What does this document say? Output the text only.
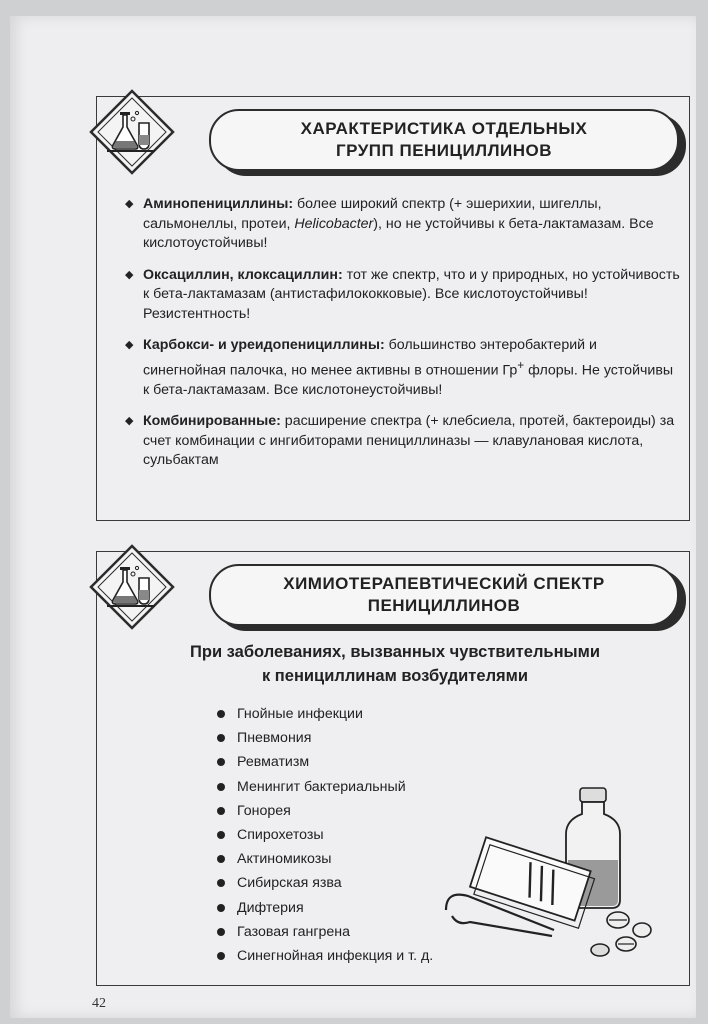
ХАРАКТЕРИСТИКА ОТДЕЛЬНЫХ
ГРУПП ПЕНИЦИЛЛИНОВ
◆ Аминопенициллины: более широкий спектр (+ эшерихии, шигеллы, сальмонеллы, протеи, Helicobacter), но не устойчивы к бета-лактамазам. Все кислотоустойчивы!
◆ Оксациллин, клоксациллин: тот же спектр, что и у природных, но устойчивость к бета-лактамазам (антистафилококковые). Все кислотоустойчивы! Резистентность!
◆ Карбокси- и уреидопенициллины: большинство энтеробактерий и синегнойная палочка, но менее активны в отношении Гр+ флоры. Не устойчивы к бета-лактамазам. Все кислотонеустойчивы!
◆ Комбинированные: расширение спектра (+ клебсиела, протей, бактероиды) за счет комбинации с ингибиторами пенициллиназы — клавулановая кислота, сульбактам
ХИМИОТЕРАПЕВТИЧЕСКИЙ СПЕКТР
ПЕНИЦИЛЛИНОВ
При заболеваниях, вызванных чувствительными
к пенициллинам возбудителями
Гнойные инфекции
Пневмония
Ревматизм
Менингит бактериальный
Гонорея
Спирохетозы
Актиномикозы
Сибирская язва
Дифтерия
Газовая гангрена
Синегнойная инфекция и т. д.
42
